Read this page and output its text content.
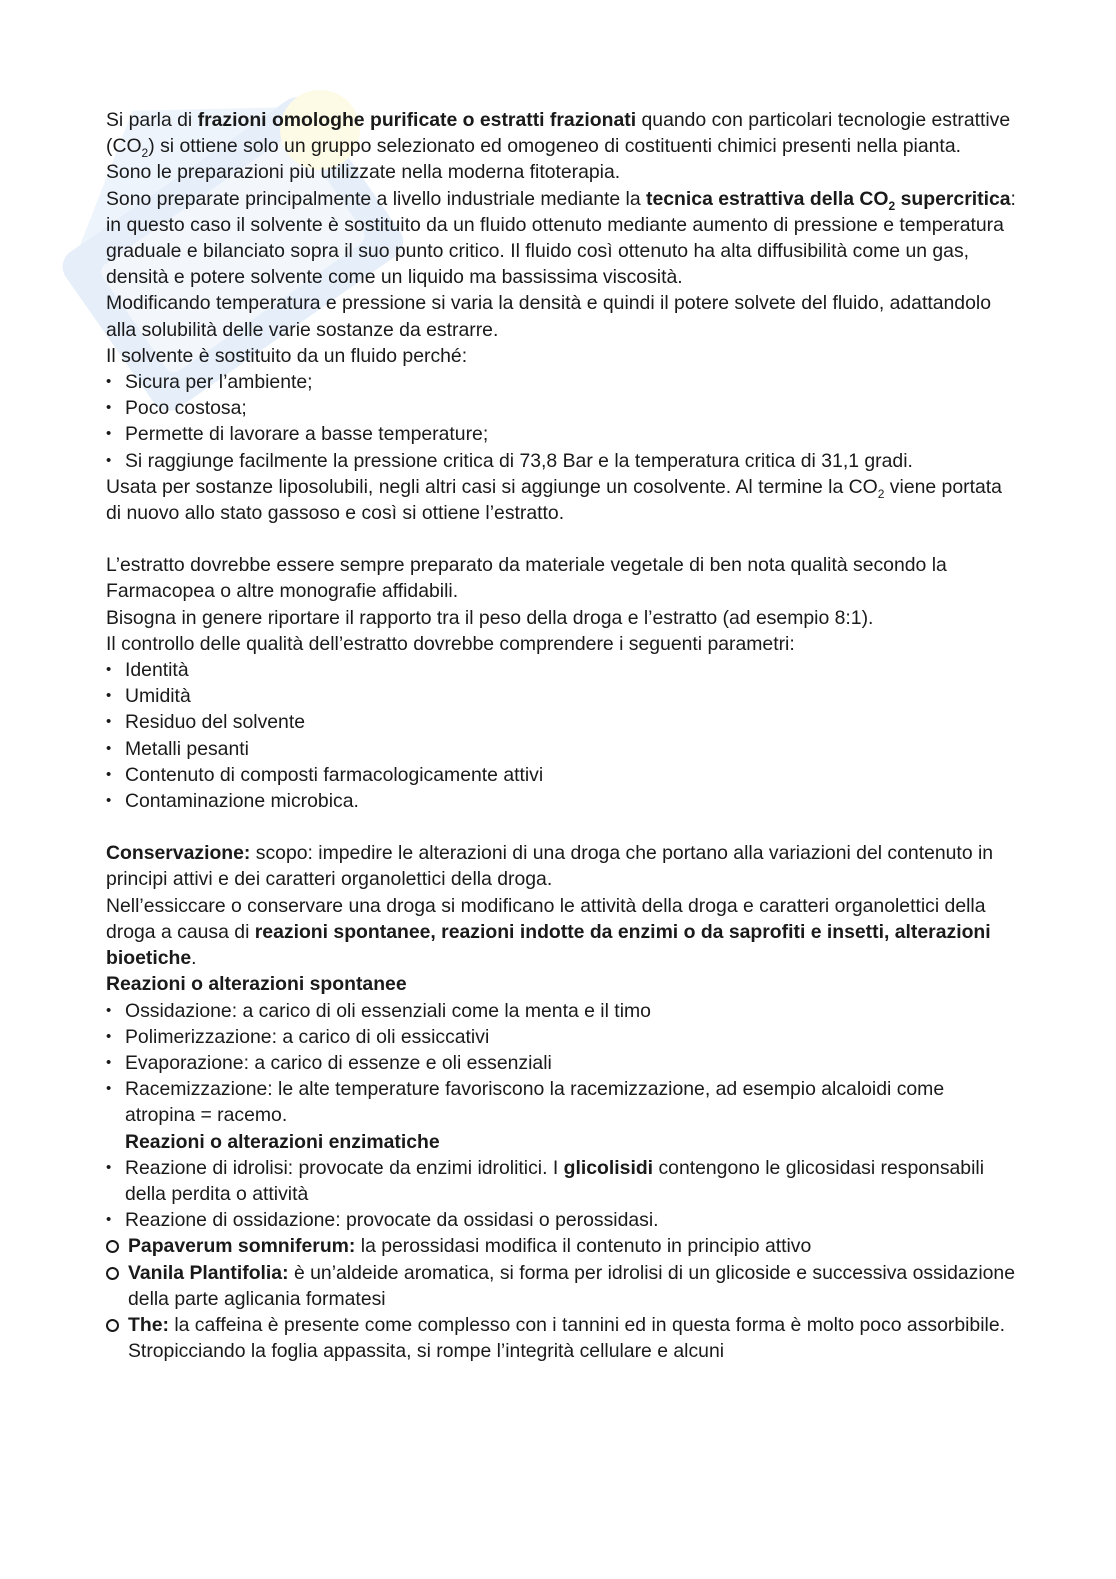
Si parla di frazioni omologhe purificate o estratti frazionati quando con particolari tecnologie estrattive $(CO_2)$ si ottiene solo un gruppo selezionato ed omogeneo di costituenti chimici presenti nella pianta.

Sono le preparazioni più utilizzate nella moderna fitoterapia.

Sono preparate principalmente a livello industriale mediante la tecnica estrattiva della $CO_2$ supercritica: in questo caso il solvente è sostituito da un fluido ottenuto mediante aumento di pressione e temperatura graduale e bilanciato sopra il suo punto critico. Il fluido così ottenuto ha alta diffusibilità come un gas, densità e potere solvente come un liquido ma bassissima viscosità.

Modificando temperatura e pressione si varia la densità e quindi il potere solvete del fluido, adattandolo alla solubilità delle varie sostanze da estrarre.

Il solvente è sostituito da un fluido perché:

• Sicura per l’ambiente;
• Poco costosa;
• Permette di lavorare a basse temperature;
• Si raggiunge facilmente la pressione critica di 73,8 Bar e la temperatura critica di 31,1 gradi.

Usata per sostanze liposolubili, negli altri casi si aggiunge un cosolvente. Al termine la $CO_2$ viene portata di nuovo allo stato gassoso e così si ottiene l’estratto.

L’estratto dovrebbe essere sempre preparato da materiale vegetale di ben nota qualità secondo la Farmacopea o altre monografie affidabili.

Bisogna in genere riportare il rapporto tra il peso della droga e l’estratto (ad esempio 8:1).

Il controllo delle qualità dell’estratto dovrebbe comprendere i seguenti parametri:

• Identità
• Umidità
• Residuo del solvente
• Metalli pesanti
• Contenuto di composti farmacologicamente attivi
• Contaminazione microbica.

Conservazione: scopo: impedire le alterazioni di una droga che portano alla variazioni del contenuto in principi attivi e dei caratteri organolettici della droga.

Nell’essiccare o conservare una droga si modificano le attività della droga e caratteri organolettici della droga a causa di reazioni spontanee, reazioni indotte da enzimi o da saprofiti e insetti, alterazioni bioetiche.

Reazioni o alterazioni spontanee

• Ossidazione: a carico di oli essenziali come la menta e il timo
• Polimerizzazione: a carico di oli essiccativi
• Evaporazione: a carico di essenze e oli essenziali
• Racemizzazione: le alte temperature favoriscono la racemizzazione, ad esempio alcaloidi come atropina = racemo.

Reazioni o alterazioni enzimatiche

• Reazione di idrolisi: provocate da enzimi idrolitici. I glicolisidi contengono le glicosidasi responsabili della perdita o attività
• Reazione di ossidazione: provocate da ossidasi o perossidasi.
Papaverum somniferum: la perossidasi modifica il contenuto in principio attivo
Vanila Plantifolia: è un’aldeide aromatica, si forma per idrolisi di un glicoside e successiva ossidazione della parte aglicania formatesi
The: la caffeina è presente come complesso con i tannini ed in questa forma è molto poco assorbibile. Stropicciando la foglia appassita, si rompe l’integrità cellulare e alcuni
